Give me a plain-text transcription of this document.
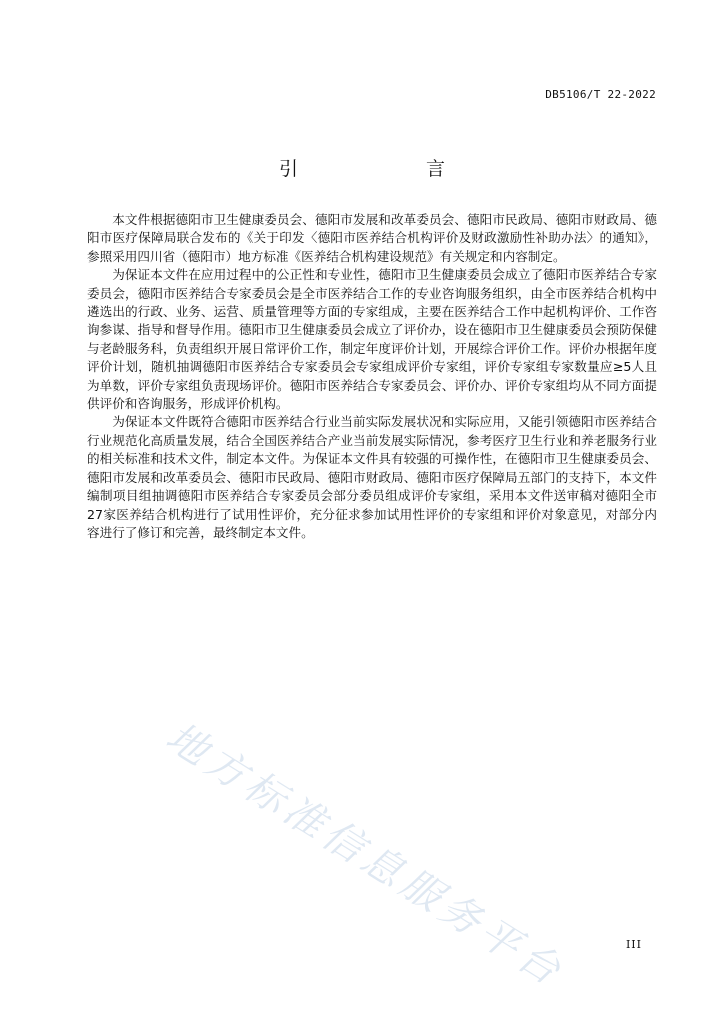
DB5106/T 22-2022
引 言

本文件根据德阳市卫生健康委员会、德阳市发展和改革委员会、德阳市民政局、德阳市财政局、德阳市医疗保障局联合发布的《关于印发〈德阳市医养结合机构评价及财政激励性补助办法〉的通知》，参照采用四川省（德阳市）地方标准《医养结合机构建设规范》有关规定和内容制定。

为保证本文件在应用过程中的公正性和专业性，德阳市卫生健康委员会成立了德阳市医养结合专家委员会，德阳市医养结合专家委员会是全市医养结合工作的专业咨询服务组织，由全市医养结合机构中遴选出的行政、业务、运营、质量管理等方面的专家组成，主要在医养结合工作中起机构评价、工作咨询参谋、指导和督导作用。德阳市卫生健康委员会成立了评价办，设在德阳市卫生健康委员会预防保健与老龄服务科，负责组织开展日常评价工作，制定年度评价计划，开展综合评价工作。评价办根据年度评价计划，随机抽调德阳市医养结合专家委员会专家组成评价专家组，评价专家组专家数量应≥5人且为单数，评价专家组负责现场评价。德阳市医养结合专家委员会、评价办、评价专家组均从不同方面提供评价和咨询服务，形成评价机构。

为保证本文件既符合德阳市医养结合行业当前实际发展状况和实际应用，又能引领德阳市医养结合行业规范化高质量发展，结合全国医养结合产业当前发展实际情况，参考医疗卫生行业和养老服务行业的相关标准和技术文件，制定本文件。为保证本文件具有较强的可操作性，在德阳市卫生健康委员会、德阳市发展和改革委员会、德阳市民政局、德阳市财政局、德阳市医疗保障局五部门的支持下，本文件编制项目组抽调德阳市医养结合专家委员会部分委员组成评价专家组，采用本文件送审稿对德阳全市27家医养结合机构进行了试用性评价，充分征求参加试用性评价的专家组和评价对象意见，对部分内容进行了修订和完善，最终制定本文件。

地方标准信息服务平台	III
